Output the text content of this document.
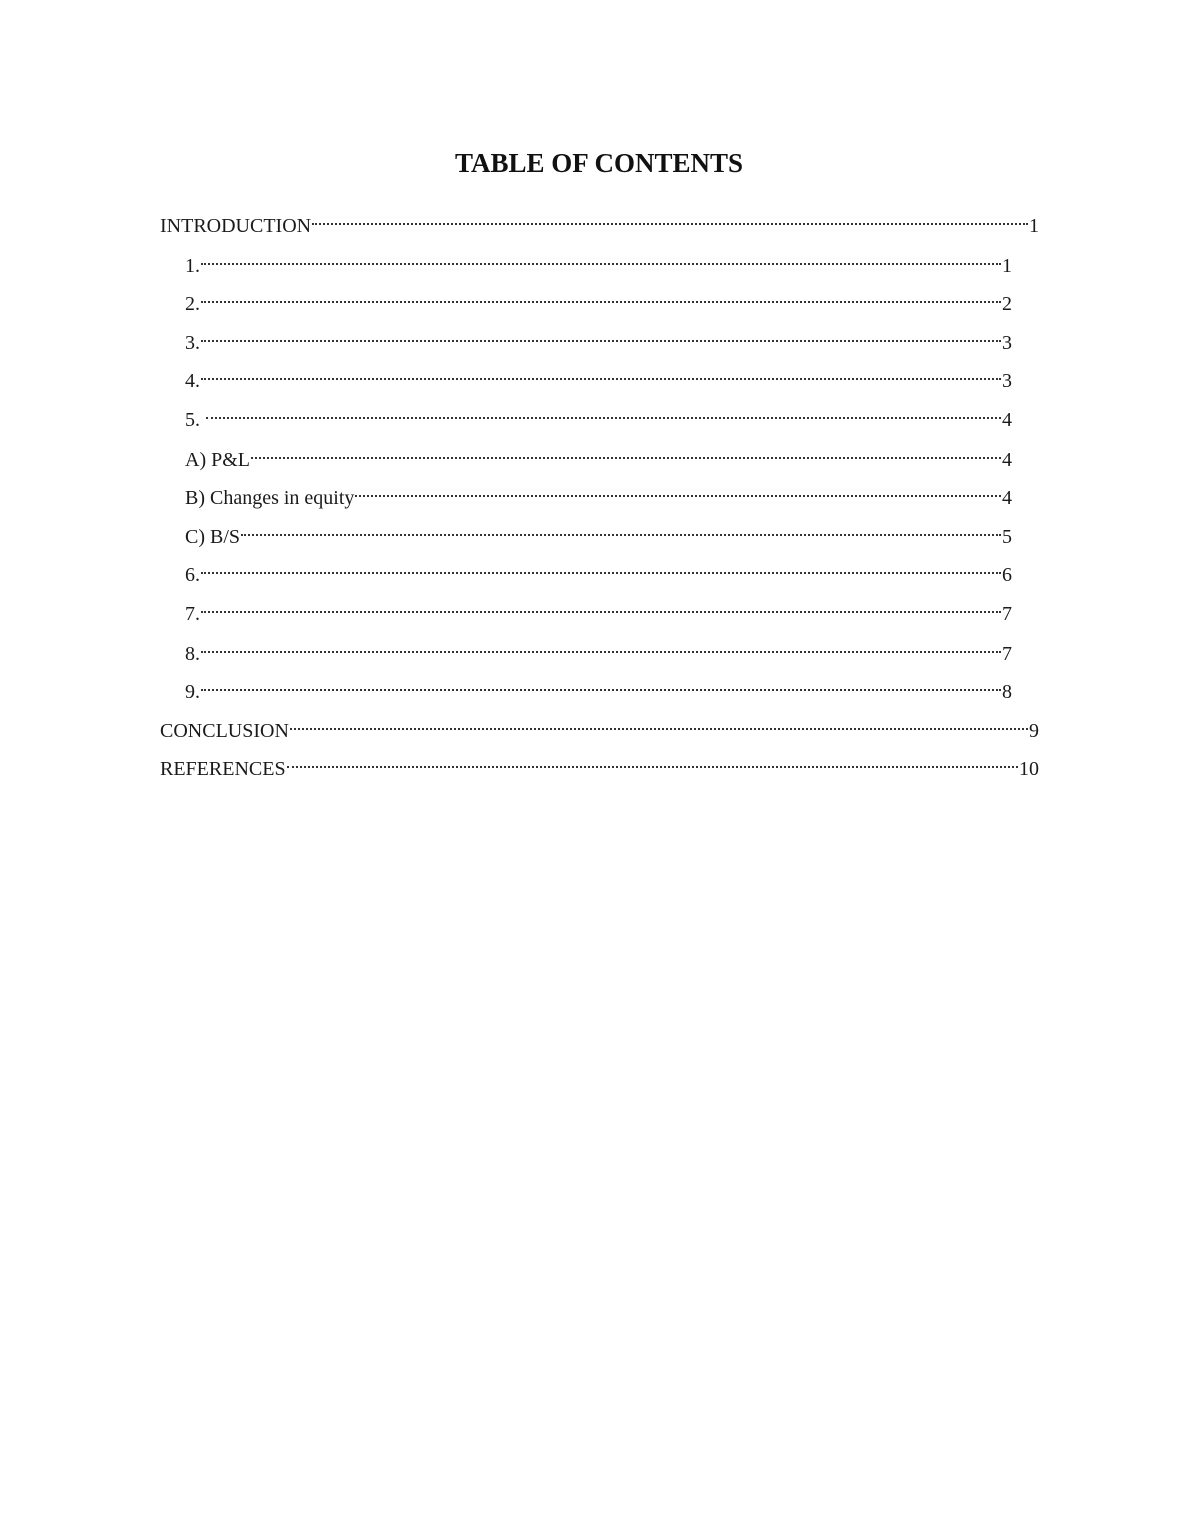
TABLE OF CONTENTS
INTRODUCTION	1
1.	1
2.	2
3.	3
4.	3
5.	4
A) P&L	4
B) Changes in equity	4
C) B/S	5
6.	6
7.	7
8.	7
9.	8
CONCLUSION	9
REFERENCES	10
